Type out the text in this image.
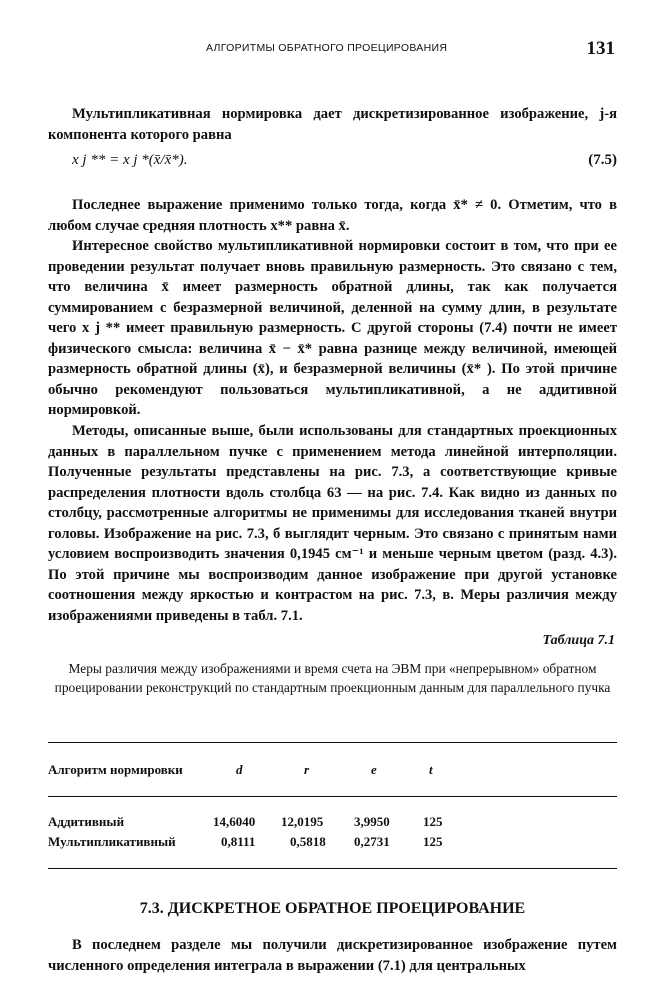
АЛГОРИТМЫ ОБРАТНОГО ПРОЕЦИРОВАНИЯ	131

Мультипликативная нормировка дает дискретизированное изображение, j-я компонента которого равна

x j ** = x j *(x̄/x̄*).	(7.5)

Последнее выражение применимо только тогда, когда x̄* ≠ 0. Отметим, что в любом случае средняя плотность x** равна x̄.

Интересное свойство мультипликативной нормировки состоит в том, что при ее проведении результат получает вновь правильную размерность. Это связано с тем, что величина x̄ имеет размерность обратной длины, так как получается суммированием с безразмерной величиной, деленной на сумму длин, в результате чего x j ** имеет правильную размерность. С другой стороны (7.4) почти не имеет физического смысла: величина x̄ − x̄* равна разнице между величиной, имеющей размерность обратной длины (x̄), и безразмерной величины (x̄* ). По этой причине обычно рекомендуют пользоваться мультипликативной, а не аддитивной нормировкой.

Методы, описанные выше, были использованы для стандартных проекционных данных в параллельном пучке с применением метода линейной интерполяции. Полученные результаты представлены на рис. 7.3, а соответствующие кривые распределения плотности вдоль столбца 63 — на рис. 7.4. Как видно из данных по столбцу, рассмотренные алгоритмы не применимы для исследования тканей внутри головы. Изображение на рис. 7.3, б выглядит черным. Это связано с принятым нами условием воспроизводить значения 0,1945 см⁻¹ и меньше черным цветом (разд. 4.3). По этой причине мы воспроизводим данное изображение при другой установке соотношения между яркостью и контрастом на рис. 7.3, в. Меры различия между изображениями приведены в табл. 7.1.

Таблица 7.1

Меры различия между изображениями и время счета на ЭВМ при «непрерывном» обратном проецировании реконструкций по стандартным проекционным данным для параллельного пучка

Алгоритм нормировки	d	r	e	t
Аддитивный	14,6040 12,0195 3,9950	125
Мультипликативный	0,8111	0,5818 0,2731	125
7.3. ДИСКРЕТНОЕ ОБРАТНОЕ ПРОЕЦИРОВАНИЕ

В последнем разделе мы получили дискретизированное изображение путем численного определения интеграла в выражении (7.1) для центральных
